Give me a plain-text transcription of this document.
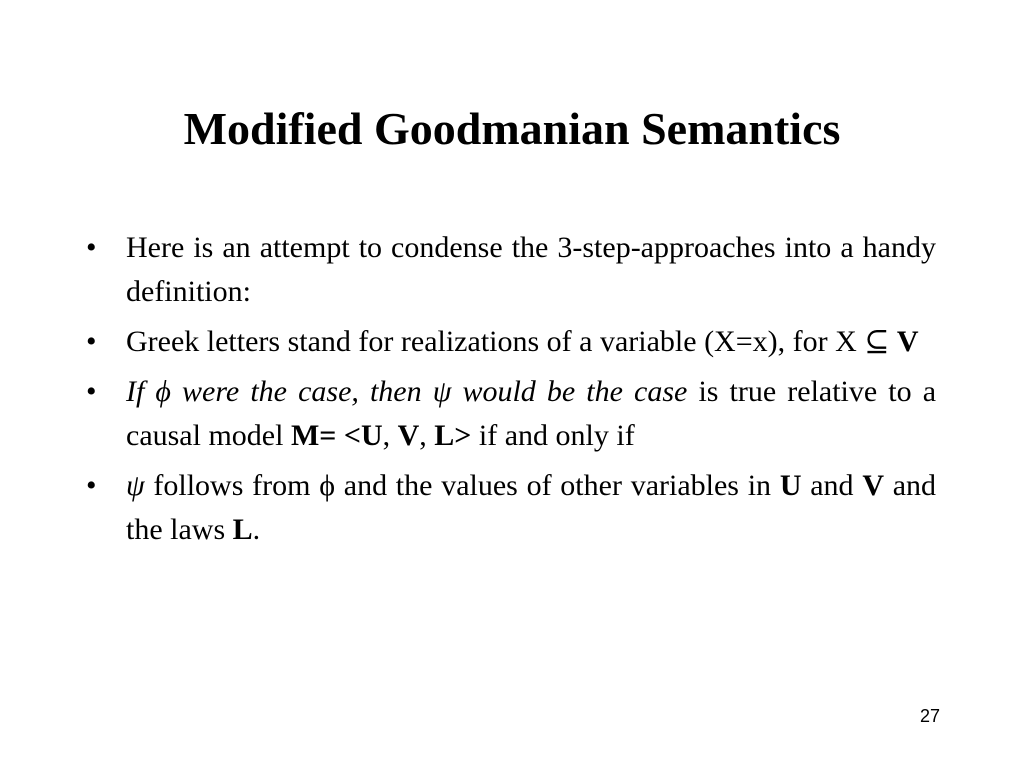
Modified Goodmanian Semantics
• Here is an attempt to condense the 3-step-approaches into a handy definition:
• Greek letters stand for realizations of a variable (X=x), for X ⊆ V
• If ϕ were the case, then ψ would be the case is true relative to a causal model M= <U, V, L> if and only if
• ψ follows from ϕ and the values of other variables in U and V and the laws L.
27
